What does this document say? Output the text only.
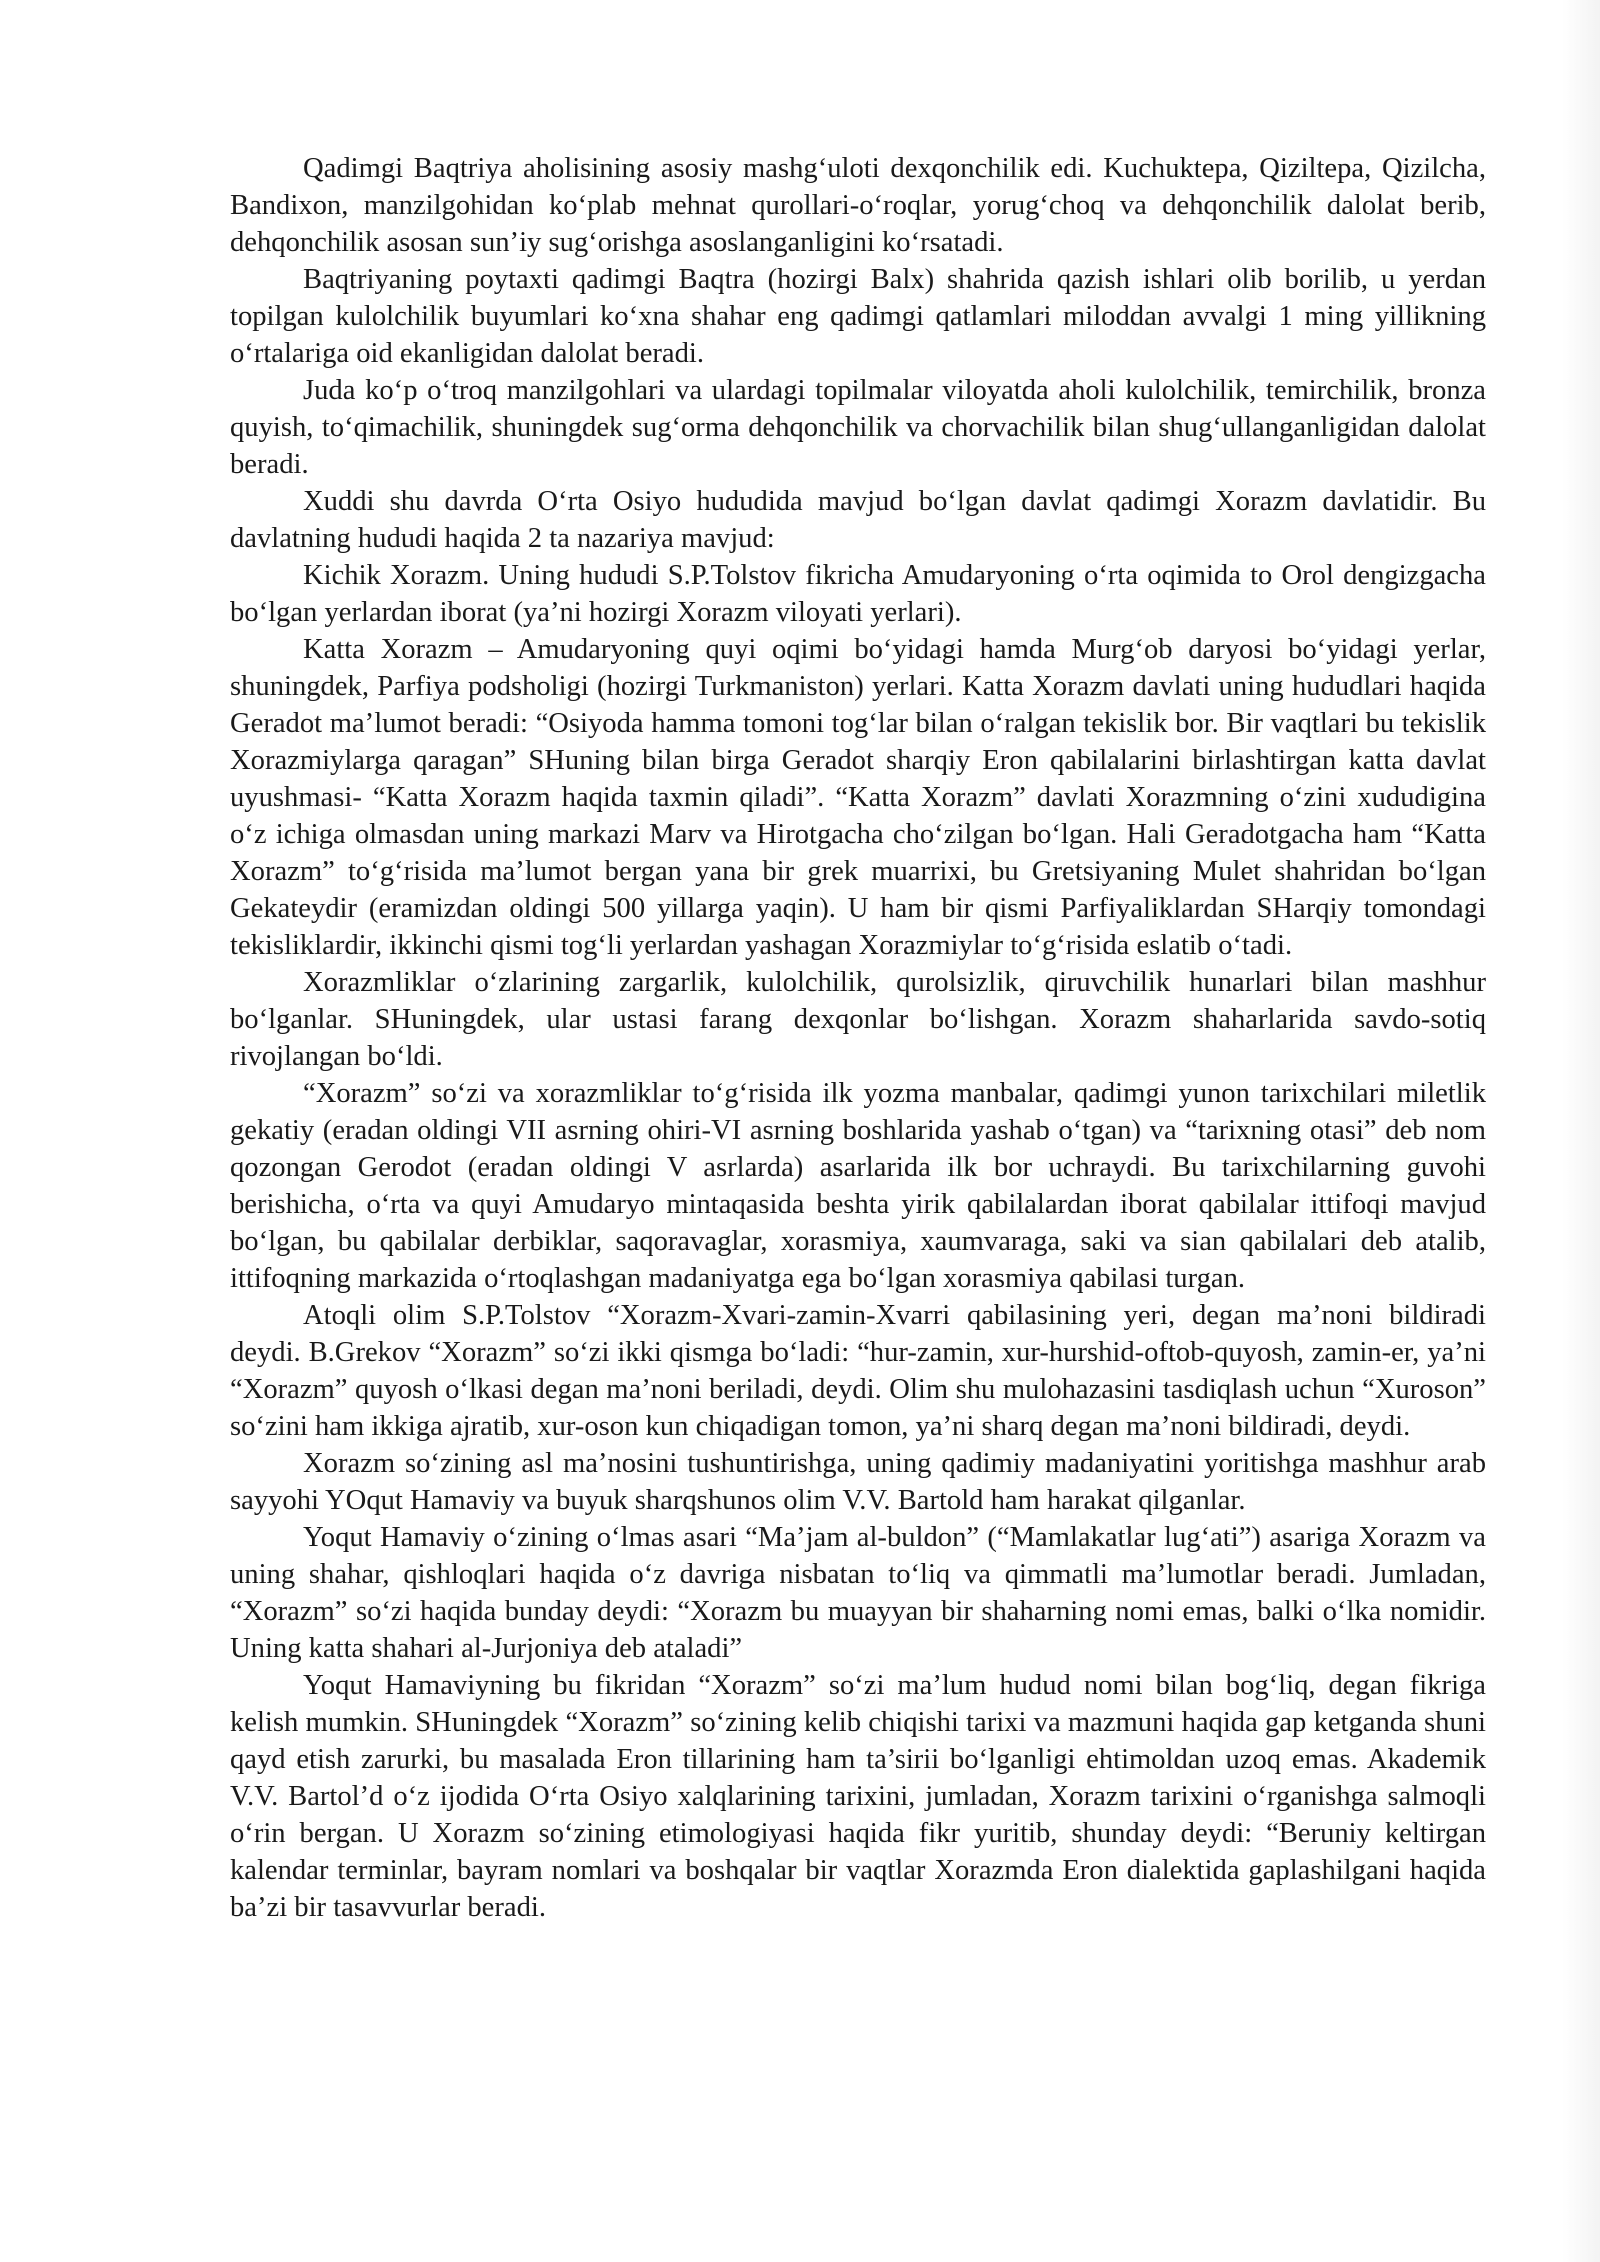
Qadimgi Baqtriya aholisining asosiy mashg‘uloti dexqonchilik edi. Kuchuktepa, Qiziltepa, Qizilcha, Bandixon, manzilgohidan ko‘plab mehnat qurollari-o‘roqlar, yorug‘choq va dehqonchilik dalolat berib, dehqonchilik asosan sun’iy sug‘orishga asoslanganligini ko‘rsatadi.

Baqtriyaning poytaxti qadimgi Baqtra (hozirgi Balx) shahrida qazish ishlari olib borilib, u yerdan topilgan kulolchilik buyumlari ko‘xna shahar eng qadimgi qatlamlari miloddan avvalgi 1 ming yillikning o‘rtalariga oid ekanligidan dalolat beradi.

Juda ko‘p o‘troq manzilgohlari va ulardagi topilmalar viloyatda aholi kulolchilik, temirchilik, bronza quyish, to‘qimachilik, shuningdek sug‘orma dehqonchilik va chorvachilik bilan shug‘ullanganligidan dalolat beradi.

Xuddi shu davrda O‘rta Osiyo hududida mavjud bo‘lgan davlat qadimgi Xorazm davlatidir. Bu davlatning hududi haqida 2 ta nazariya mavjud:

Kichik Xorazm. Uning hududi S.P.Tolstov fikricha Amudaryoning o‘rta oqimida to Orol dengizgacha bo‘lgan yerlardan iborat (ya’ni hozirgi Xorazm viloyati yerlari).

Katta Xorazm – Amudaryoning quyi oqimi bo‘yidagi hamda Murg‘ob daryosi bo‘yidagi yerlar, shuningdek, Parfiya podsholigi (hozirgi Turkmaniston) yerlari. Katta Xorazm davlati uning hududlari haqida Geradot ma’lumot beradi: “Osiyoda hamma tomoni tog‘lar bilan o‘ralgan tekislik bor. Bir vaqtlari bu tekislik Xorazmiylarga qaragan” SHuning bilan birga Geradot sharqiy Eron qabilalarini birlashtirgan katta davlat uyushmasi- “Katta Xorazm haqida taxmin qiladi”. “Katta Xorazm” davlati Xorazmning o‘zini xududigina o‘z ichiga olmasdan uning markazi Marv va Hirotgacha cho‘zilgan bo‘lgan. Hali Geradotgacha ham “Katta Xorazm” to‘g‘risida ma’lumot bergan yana bir grek muarrixi, bu Gretsiyaning Mulet shahridan bo‘lgan Gekateydir (eramizdan oldingi 500 yillarga yaqin). U ham bir qismi Parfiyaliklardan SHarqiy tomondagi tekisliklardir, ikkinchi qismi tog‘li yerlardan yashagan Xorazmiylar to‘g‘risida eslatib o‘tadi.

Xorazmliklar o‘zlarining zargarlik, kulolchilik, qurolsizlik, qiruvchilik hunarlari bilan mashhur bo‘lganlar. SHuningdek, ular ustasi farang dexqonlar bo‘lishgan. Xorazm shaharlarida savdo-sotiq rivojlangan bo‘ldi.

“Xorazm” so‘zi va xorazmliklar to‘g‘risida ilk yozma manbalar, qadimgi yunon tarixchilari miletlik gekatiy (eradan oldingi VII asrning ohiri-VI asrning boshlarida yashab o‘tgan) va “tarixning otasi” deb nom qozongan Gerodot (eradan oldingi V asrlarda) asarlarida ilk bor uchraydi. Bu tarixchilarning guvohi berishicha, o‘rta va quyi Amudaryo mintaqasida beshta yirik qabilalardan iborat qabilalar ittifoqi mavjud bo‘lgan, bu qabilalar derbiklar, saqoravaglar, xorasmiya, xaumvaraga, saki va sian qabilalari deb atalib, ittifoqning markazida o‘rtoqlashgan madaniyatga ega bo‘lgan xorasmiya qabilasi turgan.

Atoqli olim S.P.Tolstov “Xorazm-Xvari-zamin-Xvarri qabilasining yeri, degan ma’noni bildiradi deydi. B.Grekov “Xorazm” so‘zi ikki qismga bo‘ladi: “hur-zamin, xur-hurshid-oftob-quyosh, zamin-er, ya’ni “Xorazm” quyosh o‘lkasi degan ma’noni beriladi, deydi. Olim shu mulohazasini tasdiqlash uchun “Xuroson” so‘zini ham ikkiga ajratib, xur-oson kun chiqadigan tomon, ya’ni sharq degan ma’noni bildiradi, deydi.

Xorazm so‘zining asl ma’nosini tushuntirishga, uning qadimiy madaniyatini yoritishga mashhur arab sayyohi YOqut Hamaviy va buyuk sharqshunos olim V.V. Bartold ham harakat qilganlar.

Yoqut Hamaviy o‘zining o‘lmas asari “Ma’jam al-buldon” (“Mamlakatlar lug‘ati”) asariga Xorazm va uning shahar, qishloqlari haqida o‘z davriga nisbatan to‘liq va qimmatli ma’lumotlar beradi. Jumladan, “Xorazm” so‘zi haqida bunday deydi: “Xorazm bu muayyan bir shaharning nomi emas, balki o‘lka nomidir. Uning katta shahari al-Jurjoniya deb ataladi”

Yoqut Hamaviyning bu fikridan “Xorazm” so‘zi ma’lum hudud nomi bilan bog‘liq, degan fikriga kelish mumkin. SHuningdek “Xorazm” so‘zining kelib chiqishi tarixi va mazmuni haqida gap ketganda shuni qayd etish zarurki, bu masalada Eron tillarining ham ta’sirii bo‘lganligi ehtimoldan uzoq emas. Akademik V.V. Bartol’d o‘z ijodida O‘rta Osiyo xalqlarining tarixini, jumladan, Xorazm tarixini o‘rganishga salmoqli o‘rin bergan. U Xorazm so‘zining etimologiyasi haqida fikr yuritib, shunday deydi: “Beruniy keltirgan kalendar terminlar, bayram nomlari va boshqalar bir vaqtlar Xorazmda Eron dialektida gaplashilgani haqida ba’zi bir tasavvurlar beradi.
